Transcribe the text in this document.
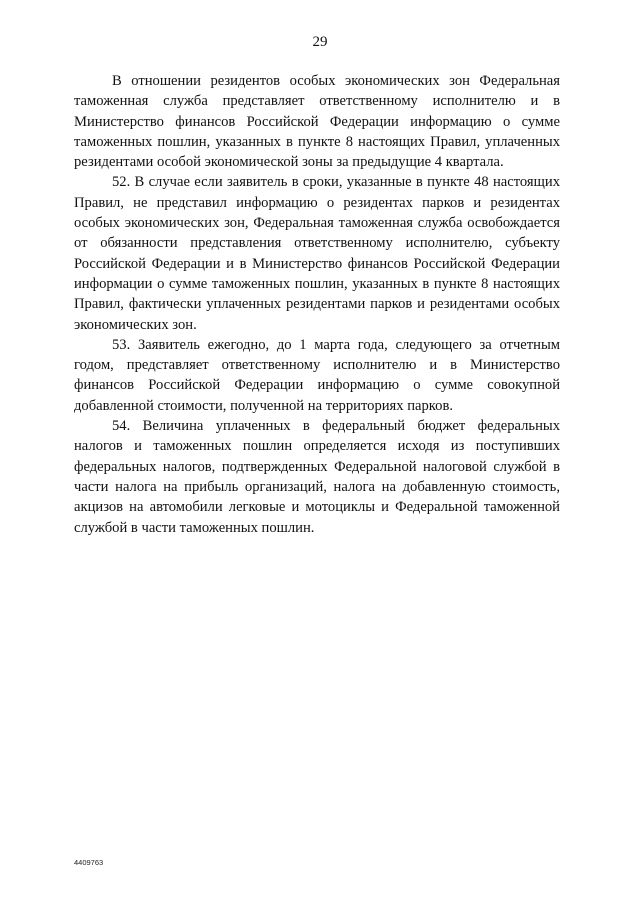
29

В отношении резидентов особых экономических зон Федеральная таможенная служба представляет ответственному исполнителю и в Министерство финансов Российской Федерации информацию о сумме таможенных пошлин, указанных в пункте 8 настоящих Правил, уплаченных резидентами особой экономической зоны за предыдущие 4 квартала.

52. В случае если заявитель в сроки, указанные в пункте 48 настоящих Правил, не представил информацию о резидентах парков и резидентах особых экономических зон, Федеральная таможенная служба освобождается от обязанности представления ответственному исполнителю, субъекту Российской Федерации и в Министерство финансов Российской Федерации информации о сумме таможенных пошлин, указанных в пункте 8 настоящих Правил, фактически уплаченных резидентами парков и резидентами особых экономических зон.

53. Заявитель ежегодно, до 1 марта года, следующего за отчетным годом, представляет ответственному исполнителю и в Министерство финансов Российской Федерации информацию о сумме совокупной добавленной стоимости, полученной на территориях парков.

54. Величина уплаченных в федеральный бюджет федеральных налогов и таможенных пошлин определяется исходя из поступивших федеральных налогов, подтвержденных Федеральной налоговой службой в части налога на прибыль организаций, налога на добавленную стоимость, акцизов на автомобили легковые и мотоциклы и Федеральной таможенной службой в части таможенных пошлин.

4409763
